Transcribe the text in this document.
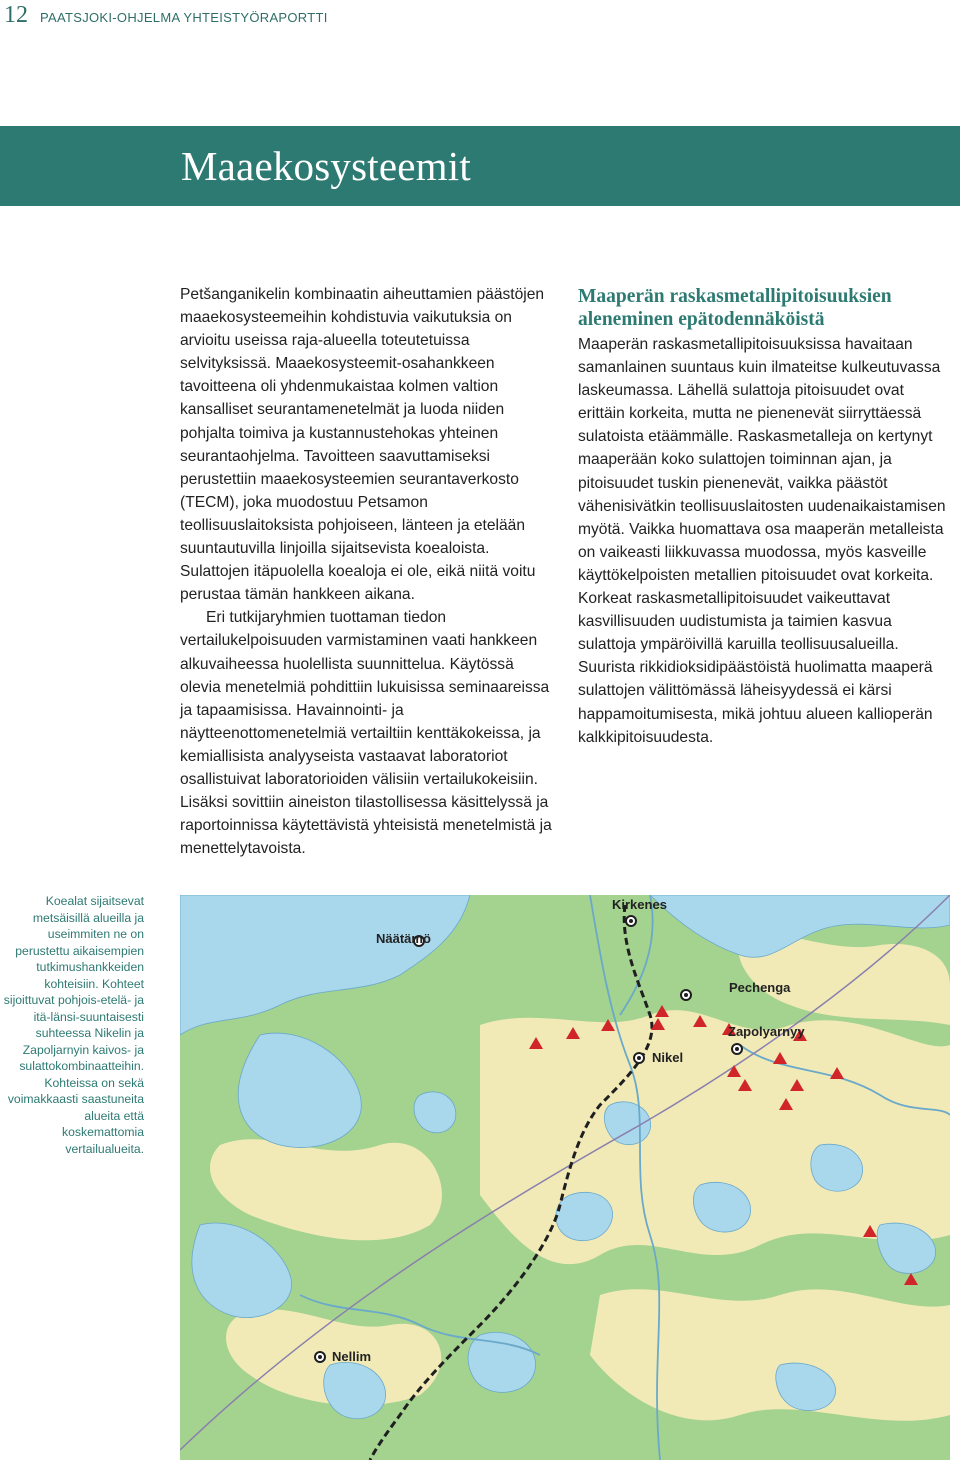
12 PAATSJOKI-OHJELMA YHTEISTYÖRAPORTTI
Maaekosysteemit

Petšanganikelin kombinaatin aiheuttamien päästöjen maaekosysteemeihin kohdistuvia vaikutuksia on arvioitu useissa raja-alueella toteutetuissa selvityksissä. Maaekosysteemit-osahankkeen tavoitteena oli yhdenmukaistaa kolmen valtion kansalliset seurantamenetelmät ja luoda niiden pohjalta toimiva ja kustannustehokas yhteinen seurantaohjelma. Tavoitteen saavuttamiseksi perustettiin maaekosysteemien seurantaverkosto (TECM), joka muodostuu Petsamon teollisuuslaitoksista pohjoiseen, länteen ja etelään suuntautuvilla linjoilla sijaitsevista koealoista. Sulattojen itäpuolella koealoja ei ole, eikä niitä voitu perustaa tämän hankkeen aikana.

Eri tutkijaryhmien tuottaman tiedon vertailukelpoisuuden varmistaminen vaati hankkeen alkuvaiheessa huolellista suunnittelua. Käytössä olevia menetelmiä pohdittiin lukuisissa seminaareissa ja tapaamisissa. Havainnointi- ja näytteenottomenetelmiä vertailtiin kenttäkokeissa, ja kemiallisista analyyseista vastaavat laboratoriot osallistuivat laboratorioiden välisiin vertailukokeisiin. Lisäksi sovittiin aineiston tilastollisessa käsittelyssä ja raportoinnissa käytettävistä yhteisistä menetelmistä ja menettelytavoista.

Maaperän raskasmetallipitoisuuksien aleneminen epätodennäköistä

Maaperän raskasmetallipitoisuuksissa havaitaan samanlainen suuntaus kuin ilmateitse kulkeutuvassa laskeumassa. Lähellä sulattoja pitoisuudet ovat erittäin korkeita, mutta ne pienenevät siirryttäessä sulatoista etäämmälle. Raskasmetalleja on kertynyt maaperään koko sulattojen toiminnan ajan, ja pitoisuudet tuskin pienenevät, vaikka päästöt vähenisivätkin teollisuuslaitosten uudenaikaistamisen myötä. Vaikka huomattava osa maaperän metalleista on vaikeasti liikkuvassa muodossa, myös kasveille käyttökelpoisten metallien pitoisuudet ovat korkeita. Korkeat raskasmetallipitoisuudet vaikeuttavat kasvillisuuden uudistumista ja taimien kasvua sulattoja ympäröivillä karuilla teollisuusalueilla. Suurista rikkidioksidipäästöistä huolimatta maaperä sulattojen välittömässä läheisyydessä ei kärsi happamoitumisesta, mikä johtuu alueen kallioperän kalkkipitoisuudesta.

Koealat sijaitsevat metsäisillä alueilla ja useimmiten ne on perustettu aikaisempien tutkimushankkeiden kohteisiin. Kohteet sijoittuvat pohjois-etelä- ja itä-länsi-suuntaisesti suhteessa Nikelin ja Zapoljarnyin kaivos- ja sulattokombinaatteihin. Kohteissa on sekä voimakkaasti saastuneita alueita että koskemattomia vertailualueita.
Kirkenes
Näätämö
Pechenga
Zapolyarnyy
Nikel
Nellim
